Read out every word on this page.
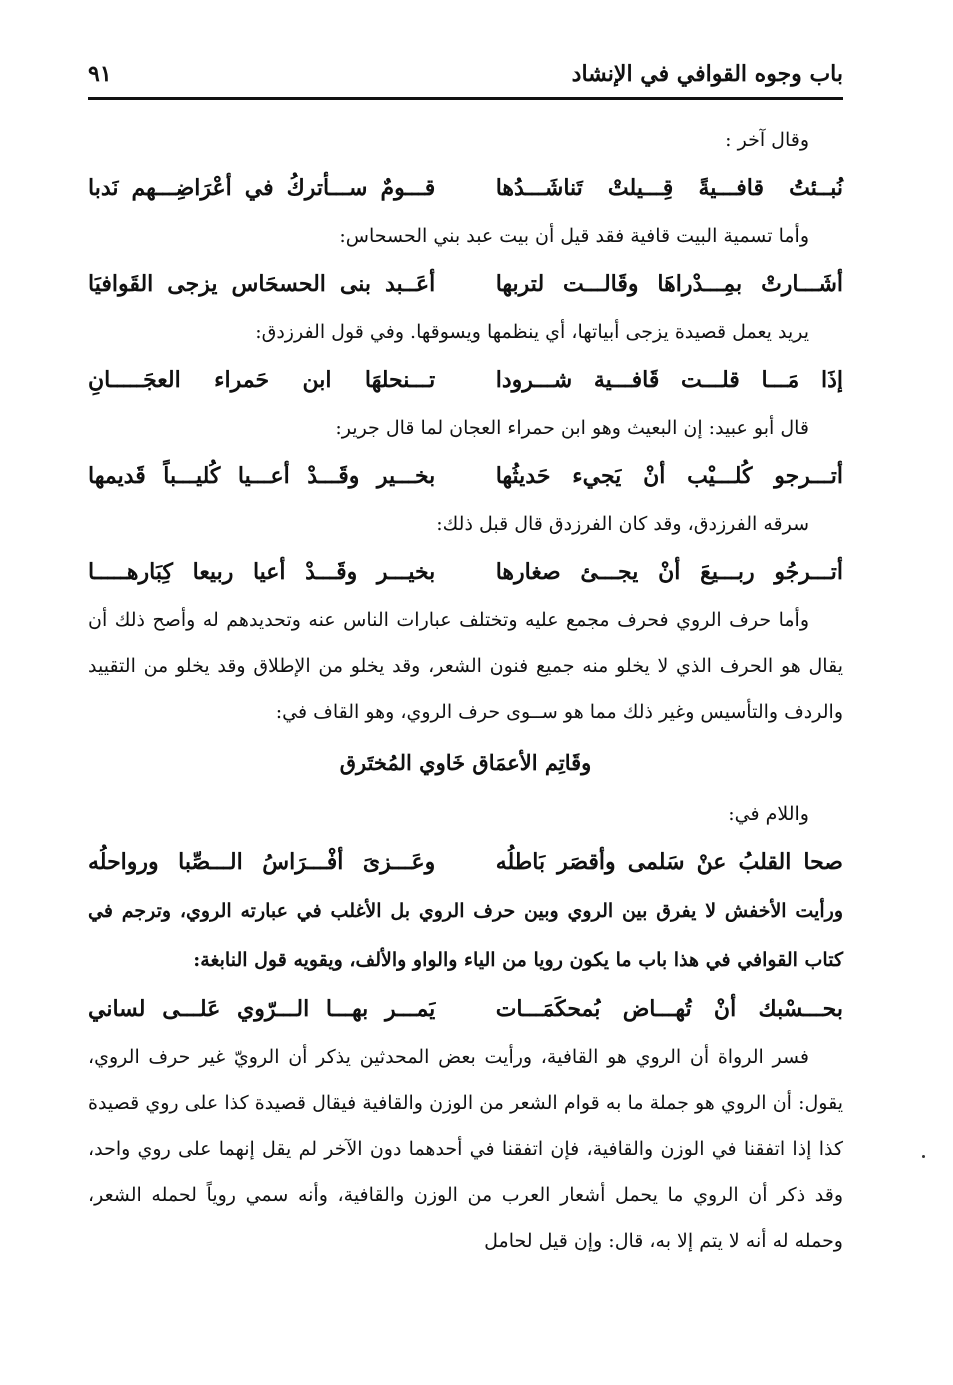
باب وجوه القوافي في الإنشاد
٩١

وقال آخر :

نُبــئتُ قافـــيةً قِـــيلتْ تَناشَـــدُها
قـــومٌ ســـأتركُ في أعْرَاضِـــهم نَدبا

وأما تسمية البيت قافية فقد قيل أن بيت عبد بني الحسحاس:

أشَـــارتْ بمِـــدْراهَا وقَالـــت لتربها
أعَــبد بنى الحسحَاس يزجى القَوافيَا

يريد يعمل قصيدة يزجى أبياتها، أي ينظمها ويسوقها. وفي قول الفرزدق:

إذَا مَـــا قلـــت قَافـــية شـــرودا
تـــنحلهَا ابن حَمراء العجَـــــانِ

قال أبو عبيد: إن البعيث وهو ابن حمراء العجان لما قال جرير:

أتـــرجو كُلـــيْب أنْ يَجيء حَديثُها
بخـــير وقَـــدْ أعـــيا كُليـــباً قَديمها

سرقه الفرزدق، وقد كان الفرزدق قال قبل ذلك:

أتـــرجُو ربـــيعَ أنْ يجـــئ صغارها
بخيـــر وقَـــدْ أعيا ربيعا كِبَارهـــــا

وأما حرف الروي فحرف مجمع عليه وتختلف عبارات الناس عنه وتحديدهم له وأصح ذلك أن يقال هو الحرف الذي لا يخلو منه جميع فنون الشعر، وقد يخلو من الإطلاق وقد يخلو من التقييد والردف والتأسيس وغير ذلك مما هو ســوى حرف الروي، وهو القاف في:

وقَاتِم الأعمَاق خَاوي المُختَرق

واللام في:

صحا القلبُ عنْ سَلمى وأقصَر بَاطلُه
وعَـــزىَ أفْـــرَاسُ الـــصِّبا ورواحلُه

ورأيت الأخفش لا يفرق بين الروي وبين حرف الروي بل الأغلب في عبارته الروي، وترجم في كتاب القوافي في هذا باب ما يكون رويا من الياء والواو والألف، ويقويه قول النابغة:

بحـــسْبك أنْ تُهـــاض بُمحكَمَـــات
يَمـــر بهـــا الـــرّوي عَلـــى لساني

فسر الرواة أن الروي هو القافية، ورأيت بعض المحدثين يذكر أن الرويّ غير حرف الروي، يقول: أن الروي هو جملة ما به قوام الشعر من الوزن والقافية فيقال قصيدة كذا على روي قصيدة كذا إذا اتفقنا في الوزن والقافية، فإن اتفقنا في أحدهما دون الآخر لم يقل إنهما على روي واحد، وقد ذكر أن الروي ما يحمل أشعار العرب من الوزن والقافية، وأنه سمي روياً لحمله الشعر، وحمله له أنه لا يتم إلا به، قال: وإن قيل لحامل
